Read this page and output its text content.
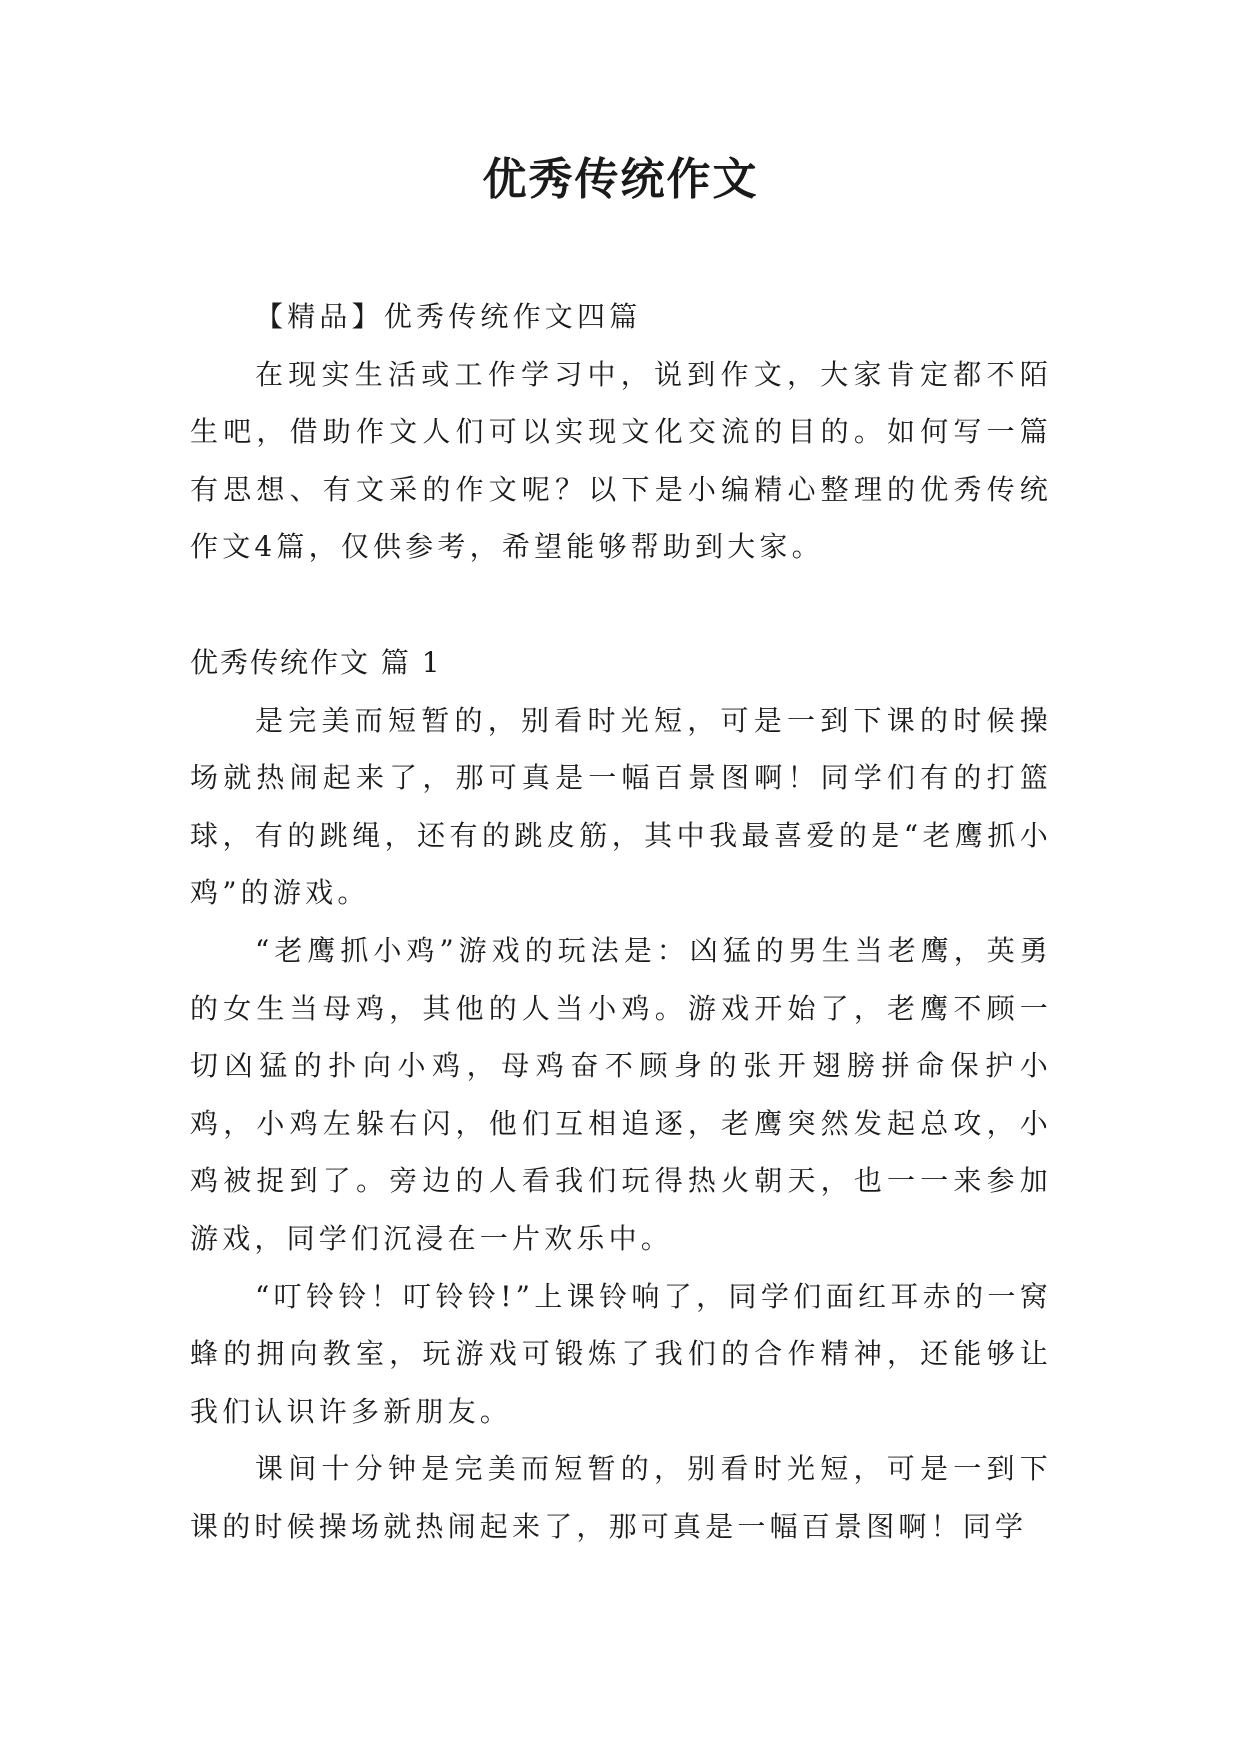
优秀传统作文

【精品】优秀传统作文四篇

在现实生活或工作学习中，说到作文，大家肯定都不陌生吧，借助作文人们可以实现文化交流的目的。如何写一篇有思想、有文采的作文呢？以下是小编精心整理的优秀传统作文4篇，仅供参考，希望能够帮助到大家。

优秀传统作文 篇 1

是完美而短暂的，别看时光短，可是一到下课的时候操场就热闹起来了，那可真是一幅百景图啊！同学们有的打篮球，有的跳绳，还有的跳皮筋，其中我最喜爱的是“老鹰抓小鸡”的游戏。

“老鹰抓小鸡”游戏的玩法是：凶猛的男生当老鹰，英勇的女生当母鸡，其他的人当小鸡。游戏开始了，老鹰不顾一切凶猛的扑向小鸡，母鸡奋不顾身的张开翅膀拼命保护小鸡，小鸡左躲右闪，他们互相追逐，老鹰突然发起总攻，小鸡被捉到了。旁边的人看我们玩得热火朝天，也一一来参加游戏，同学们沉浸在一片欢乐中。

“叮铃铃！叮铃铃!”上课铃响了，同学们面红耳赤的一窝蜂的拥向教室，玩游戏可锻炼了我们的合作精神，还能够让我们认识许多新朋友。

课间十分钟是完美而短暂的，别看时光短，可是一到下课的时候操场就热闹起来了，那可真是一幅百景图啊！同学
